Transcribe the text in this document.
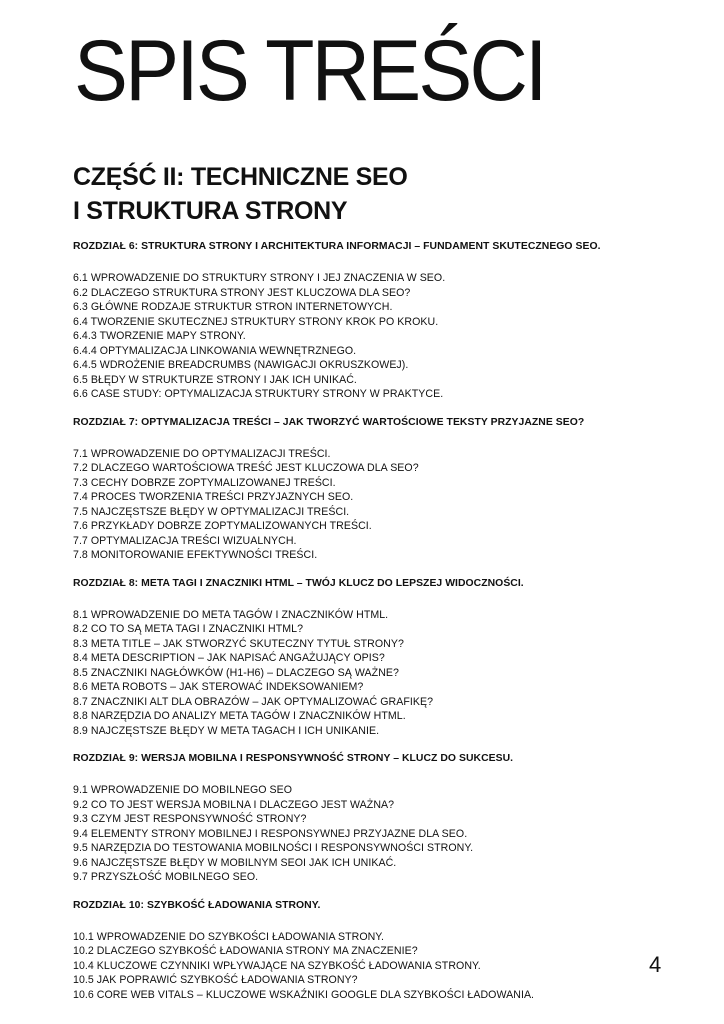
SPIS TREŚCI
CZĘŚĆ II: TECHNICZNE SEO
I STRUKTURA STRONY
ROZDZIAŁ 6: STRUKTURA STRONY I ARCHITEKTURA INFORMACJI – FUNDAMENT SKUTECZNEGO SEO.
6.1 WPROWADZENIE DO STRUKTURY STRONY I JEJ ZNACZENIA W SEO.
6.2 DLACZEGO STRUKTURA STRONY JEST KLUCZOWA DLA SEO?
6.3 GŁÓWNE RODZAJE STRUKTUR STRON INTERNETOWYCH.
6.4 TWORZENIE SKUTECZNEJ STRUKTURY STRONY KROK PO KROKU.
6.4.3 TWORZENIE MAPY STRONY.
6.4.4 OPTYMALIZACJA LINKOWANIA WEWNĘTRZNEGO.
6.4.5 WDROŻENIE BREADCRUMBS (NAWIGACJI OKRUSZKOWEJ).
6.5 BŁĘDY W STRUKTURZE STRONY I JAK ICH UNIKAĆ.
6.6 CASE STUDY: OPTYMALIZACJA STRUKTURY STRONY W PRAKTYCE.
ROZDZIAŁ 7: OPTYMALIZACJA TREŚCI – JAK TWORZYĆ WARTOŚCIOWE TEKSTY PRZYJAZNE SEO?
7.1 WPROWADZENIE DO OPTYMALIZACJI TREŚCI.
7.2 DLACZEGO WARTOŚCIOWA TREŚĆ JEST KLUCZOWA DLA SEO?
7.3 CECHY DOBRZE ZOPTYMALIZOWANEJ TREŚCI.
7.4 PROCES TWORZENIA TREŚCI PRZYJAZNYCH SEO.
7.5 NAJCZĘSTSZE BŁĘDY W OPTYMALIZACJI TREŚCI.
7.6 PRZYKŁADY DOBRZE ZOPTYMALIZOWANYCH TREŚCI.
7.7 OPTYMALIZACJA TREŚCI WIZUALNYCH.
7.8 MONITOROWANIE EFEKTYWNOŚCI TREŚCI.
ROZDZIAŁ 8: META TAGI I ZNACZNIKI HTML – TWÓJ KLUCZ DO LEPSZEJ WIDOCZNOŚCI.
8.1 WPROWADZENIE DO META TAGÓW I ZNACZNIKÓW HTML.
8.2 CO TO SĄ META TAGI I ZNACZNIKI HTML?
8.3 META TITLE – JAK STWORZYĆ SKUTECZNY TYTUŁ STRONY?
8.4 META DESCRIPTION – JAK NAPISAĆ ANGAŻUJĄCY OPIS?
8.5 ZNACZNIKI NAGŁÓWKÓW (H1-H6) – DLACZEGO SĄ WAŻNE?
8.6 META ROBOTS – JAK STEROWAĆ INDEKSOWANIEM?
8.7 ZNACZNIKI ALT DLA OBRAZÓW – JAK OPTYMALIZOWAĆ GRAFIKĘ?
8.8 NARZĘDZIA DO ANALIZY META TAGÓW I ZNACZNIKÓW HTML.
8.9 NAJCZĘSTSZE BŁĘDY W META TAGACH I ICH UNIKANIE.
ROZDZIAŁ 9: WERSJA MOBILNA I RESPONSYWNOŚĆ STRONY – KLUCZ DO SUKCESU.
9.1 WPROWADZENIE DO MOBILNEGO SEO
9.2 CO TO JEST WERSJA MOBILNA I DLACZEGO JEST WAŻNA?
9.3 CZYM JEST RESPONSYWNOŚĆ STRONY?
9.4 ELEMENTY STRONY MOBILNEJ I RESPONSYWNEJ PRZYJAZNE DLA SEO.
9.5 NARZĘDZIA DO TESTOWANIA MOBILNOŚCI I RESPONSYWNOŚCI STRONY.
9.6 NAJCZĘSTSZE BŁĘDY W MOBILNYM SEOI JAK ICH UNIKAĆ.
9.7 PRZYSZŁOŚĆ MOBILNEGO SEO.
ROZDZIAŁ 10: SZYBKOŚĆ ŁADOWANIA STRONY.
10.1 WPROWADZENIE DO SZYBKOŚCI ŁADOWANIA STRONY.
10.2 DLACZEGO SZYBKOŚĆ ŁADOWANIA STRONY MA ZNACZENIE?
10.4 KLUCZOWE CZYNNIKI WPŁYWAJĄCE NA SZYBKOŚĆ ŁADOWANIA STRONY.
10.5 JAK POPRAWIĆ SZYBKOŚĆ ŁADOWANIA STRONY?
10.6 CORE WEB VITALS – KLUCZOWE WSKAŹNIKI GOOGLE DLA SZYBKOŚCI ŁADOWANIA.
4
